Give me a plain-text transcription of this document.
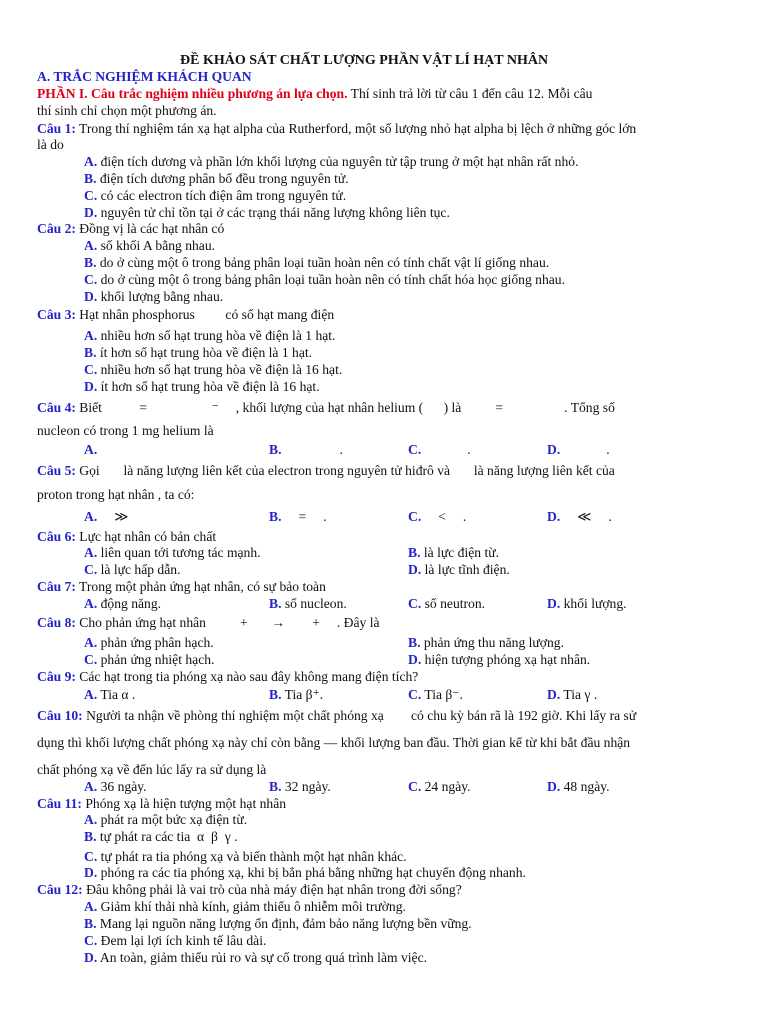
ĐỀ KHẢO SÁT CHẤT LƯỢNG PHẦN VẬT LÍ HẠT NHÂN
A. TRẮC NGHIỆM KHÁCH QUAN
PHẦN I. Câu trắc nghiệm nhiều phương án lựa chọn. Thí sinh trả lời từ câu 1 đến câu 12. Mỗi câu
thí sinh chỉ chọn một phương án.
Câu 1: Trong thí nghiệm tán xạ hạt alpha của Rutherford, một số lượng nhỏ hạt alpha bị lệch ở những góc lớn
là do
A. điện tích dương và phần lớn khối lượng của nguyên tử tập trung ở một hạt nhân rất nhỏ.
B. điện tích dương phân bố đều trong nguyên tử.
C. có các electron tích điện âm trong nguyên tử.
D. nguyên tử chỉ tồn tại ở các trạng thái năng lượng không liên tục.
Câu 2: Đồng vị là các hạt nhân có
A. số khối A bằng nhau.
B. do ở cùng một ô trong bảng phân loại tuần hoàn nên có tính chất vật lí giống nhau.
C. do ở cùng một ô trong bảng phân loại tuần hoàn nên có tính chất hóa học giống nhau.
D. khối lượng bằng nhau.
Câu 3: Hạt nhân phosphorus         có số hạt mang điện
A. nhiều hơn số hạt trung hòa về điện là 1 hạt.
B. ít hơn số hạt trung hòa về điện là 1 hạt.
C. nhiều hơn số hạt trung hòa về điện là 16 hạt.
D. ít hơn số hạt trung hòa về điện là 16 hạt.
Câu 4: Biết           =                   ⁻     , khối lượng của hạt nhân helium (      ) là          =                  . Tổng số
nucleon có trong 1 mg helium là
A.	B.	.	C.	.	D.	.
Câu 5: Gọi       là năng lượng liên kết của electron trong nguyên tử hiđrô và       là năng lượng liên kết của
proton trong hạt nhân , ta có:
A.     ≫	B.     =     .	C.     <     .	D.     ≪     .
Câu 6: Lực hạt nhân có bản chất
A. liên quan tới tương tác mạnh.	B. là lực điện từ.
C. là lực hấp dẫn.	D. là lực tĩnh điện.
Câu 7: Trong một phản ứng hạt nhân, có sự bảo toàn
A. động năng.	B. số nucleon.	C. số neutron.	D. khối lượng.
Câu 8: Cho phản ứng hạt nhân          +       →        +     . Đây là
A. phản ứng phân hạch.	B. phản ứng thu năng lượng.
C. phản ứng nhiệt hạch.	D. hiện tượng phóng xạ hạt nhân.
Câu 9: Các hạt trong tia phóng xạ nào sau đây không mang điện tích?
A. Tia α .	B. Tia β⁺.	C. Tia β⁻.	D. Tia γ .
Câu 10: Người ta nhận về phòng thí nghiệm một chất phóng xạ        có chu kỳ bán rã là 192 giờ. Khi lấy ra sử
dụng thì khối lượng chất phóng xạ này chỉ còn bằng — khối lượng ban đầu. Thời gian kể từ khi bắt đầu nhận
chất phóng xạ về đến lúc lấy ra sử dụng là
A. 36 ngày.	B. 32 ngày.	C. 24 ngày.	D. 48 ngày.
Câu 11: Phóng xạ là hiện tượng một hạt nhân
A. phát ra một bức xạ điện từ.
B. tự phát ra các tia  α  β  γ .
C. tự phát ra tia phóng xạ và biến thành một hạt nhân khác.
D. phóng ra các tia phóng xạ, khi bị bắn phá bằng những hạt chuyển động nhanh.
Câu 12: Đâu không phải là vai trò của nhà máy điện hạt nhân trong đời sống?
A. Giảm khí thải nhà kính, giảm thiểu ô nhiễm môi trường.
B. Mang lại nguồn năng lượng ổn định, đảm bảo năng lượng bền vững.
C. Đem lại lợi ích kinh tế lâu dài.
D. An toàn, giảm thiểu rủi ro và sự cố trong quá trình làm việc.
